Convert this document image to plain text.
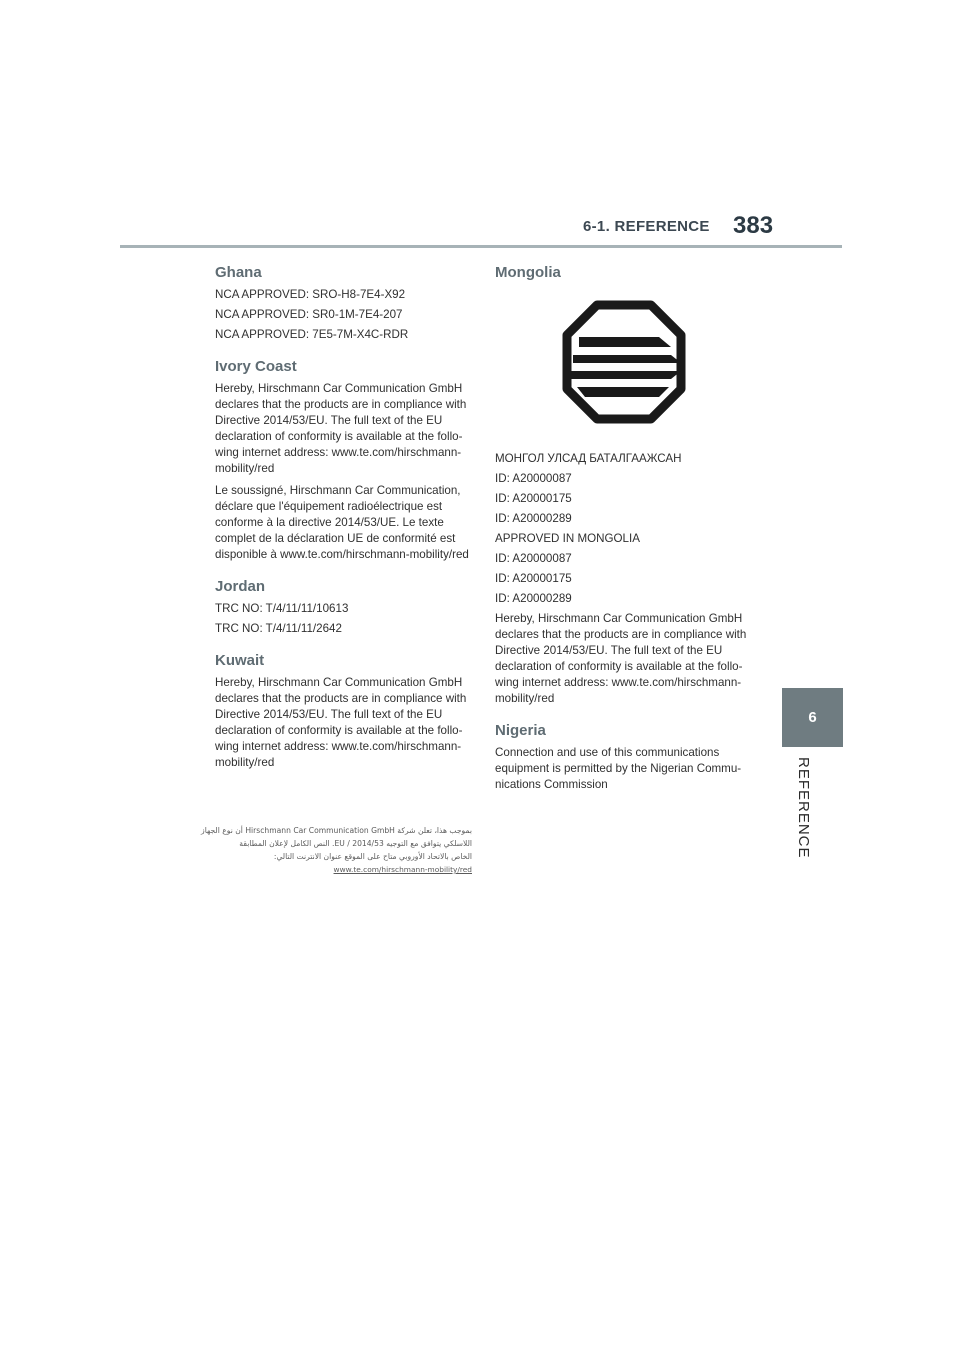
6-1. REFERENCE 383
6
REFERENCE
Ghana
NCA APPROVED: SRO-H8-7E4-X92
NCA APPROVED: SR0-1M-7E4-207
NCA APPROVED: 7E5-7M-X4C-RDR
Ivory Coast

Hereby, Hirschmann Car Communication GmbH declares that the products are in compliance with Directive 2014/53/EU. The full text of the EU declaration of conformity is available at the follo-wing internet address: www.te.com/hirschmann-mobility/red

Le soussigné, Hirschmann Car Communication, déclare que l'équipement radioélectrique est conforme à la directive 2014/53/UE. Le texte complet de la déclaration UE de conformité est disponible à www.te.com/hirschmann-mobility/red

Jordan
TRC NO: T/4/11/11/10613
TRC NO: T/4/11/11/2642
Kuwait

Hereby, Hirschmann Car Communication GmbH declares that the products are in compliance with Directive 2014/53/EU. The full text of the EU declaration of conformity is available at the follo-wing internet address: www.te.com/hirschmann-mobility/red

بموجب هذا، تعلن شركة Hirschmann Car Communication GmbH أن نوع الجهاز
اللاسلكي يتوافق مع التوجيه 2014/53 / EU. النص الكامل لإعلان المطابقة
الخاص بالاتحاد الأوروبي متاح على الموقع عنوان الانترنت التالي:
www.te.com/hirschmann-mobility/red
Mongolia
МОНГОЛ УЛСАД БАТАЛГААЖСАН
ID: A20000087
ID: A20000175
ID: A20000289
APPROVED IN MONGOLIA
ID: A20000087
ID: A20000175
ID: A20000289

Hereby, Hirschmann Car Communication GmbH declares that the products are in compliance with Directive 2014/53/EU. The full text of the EU declaration of conformity is available at the follo-wing internet address: www.te.com/hirschmann-mobility/red

Nigeria

Connection and use of this communications equipment is permitted by the Nigerian Commu-nications Commission
